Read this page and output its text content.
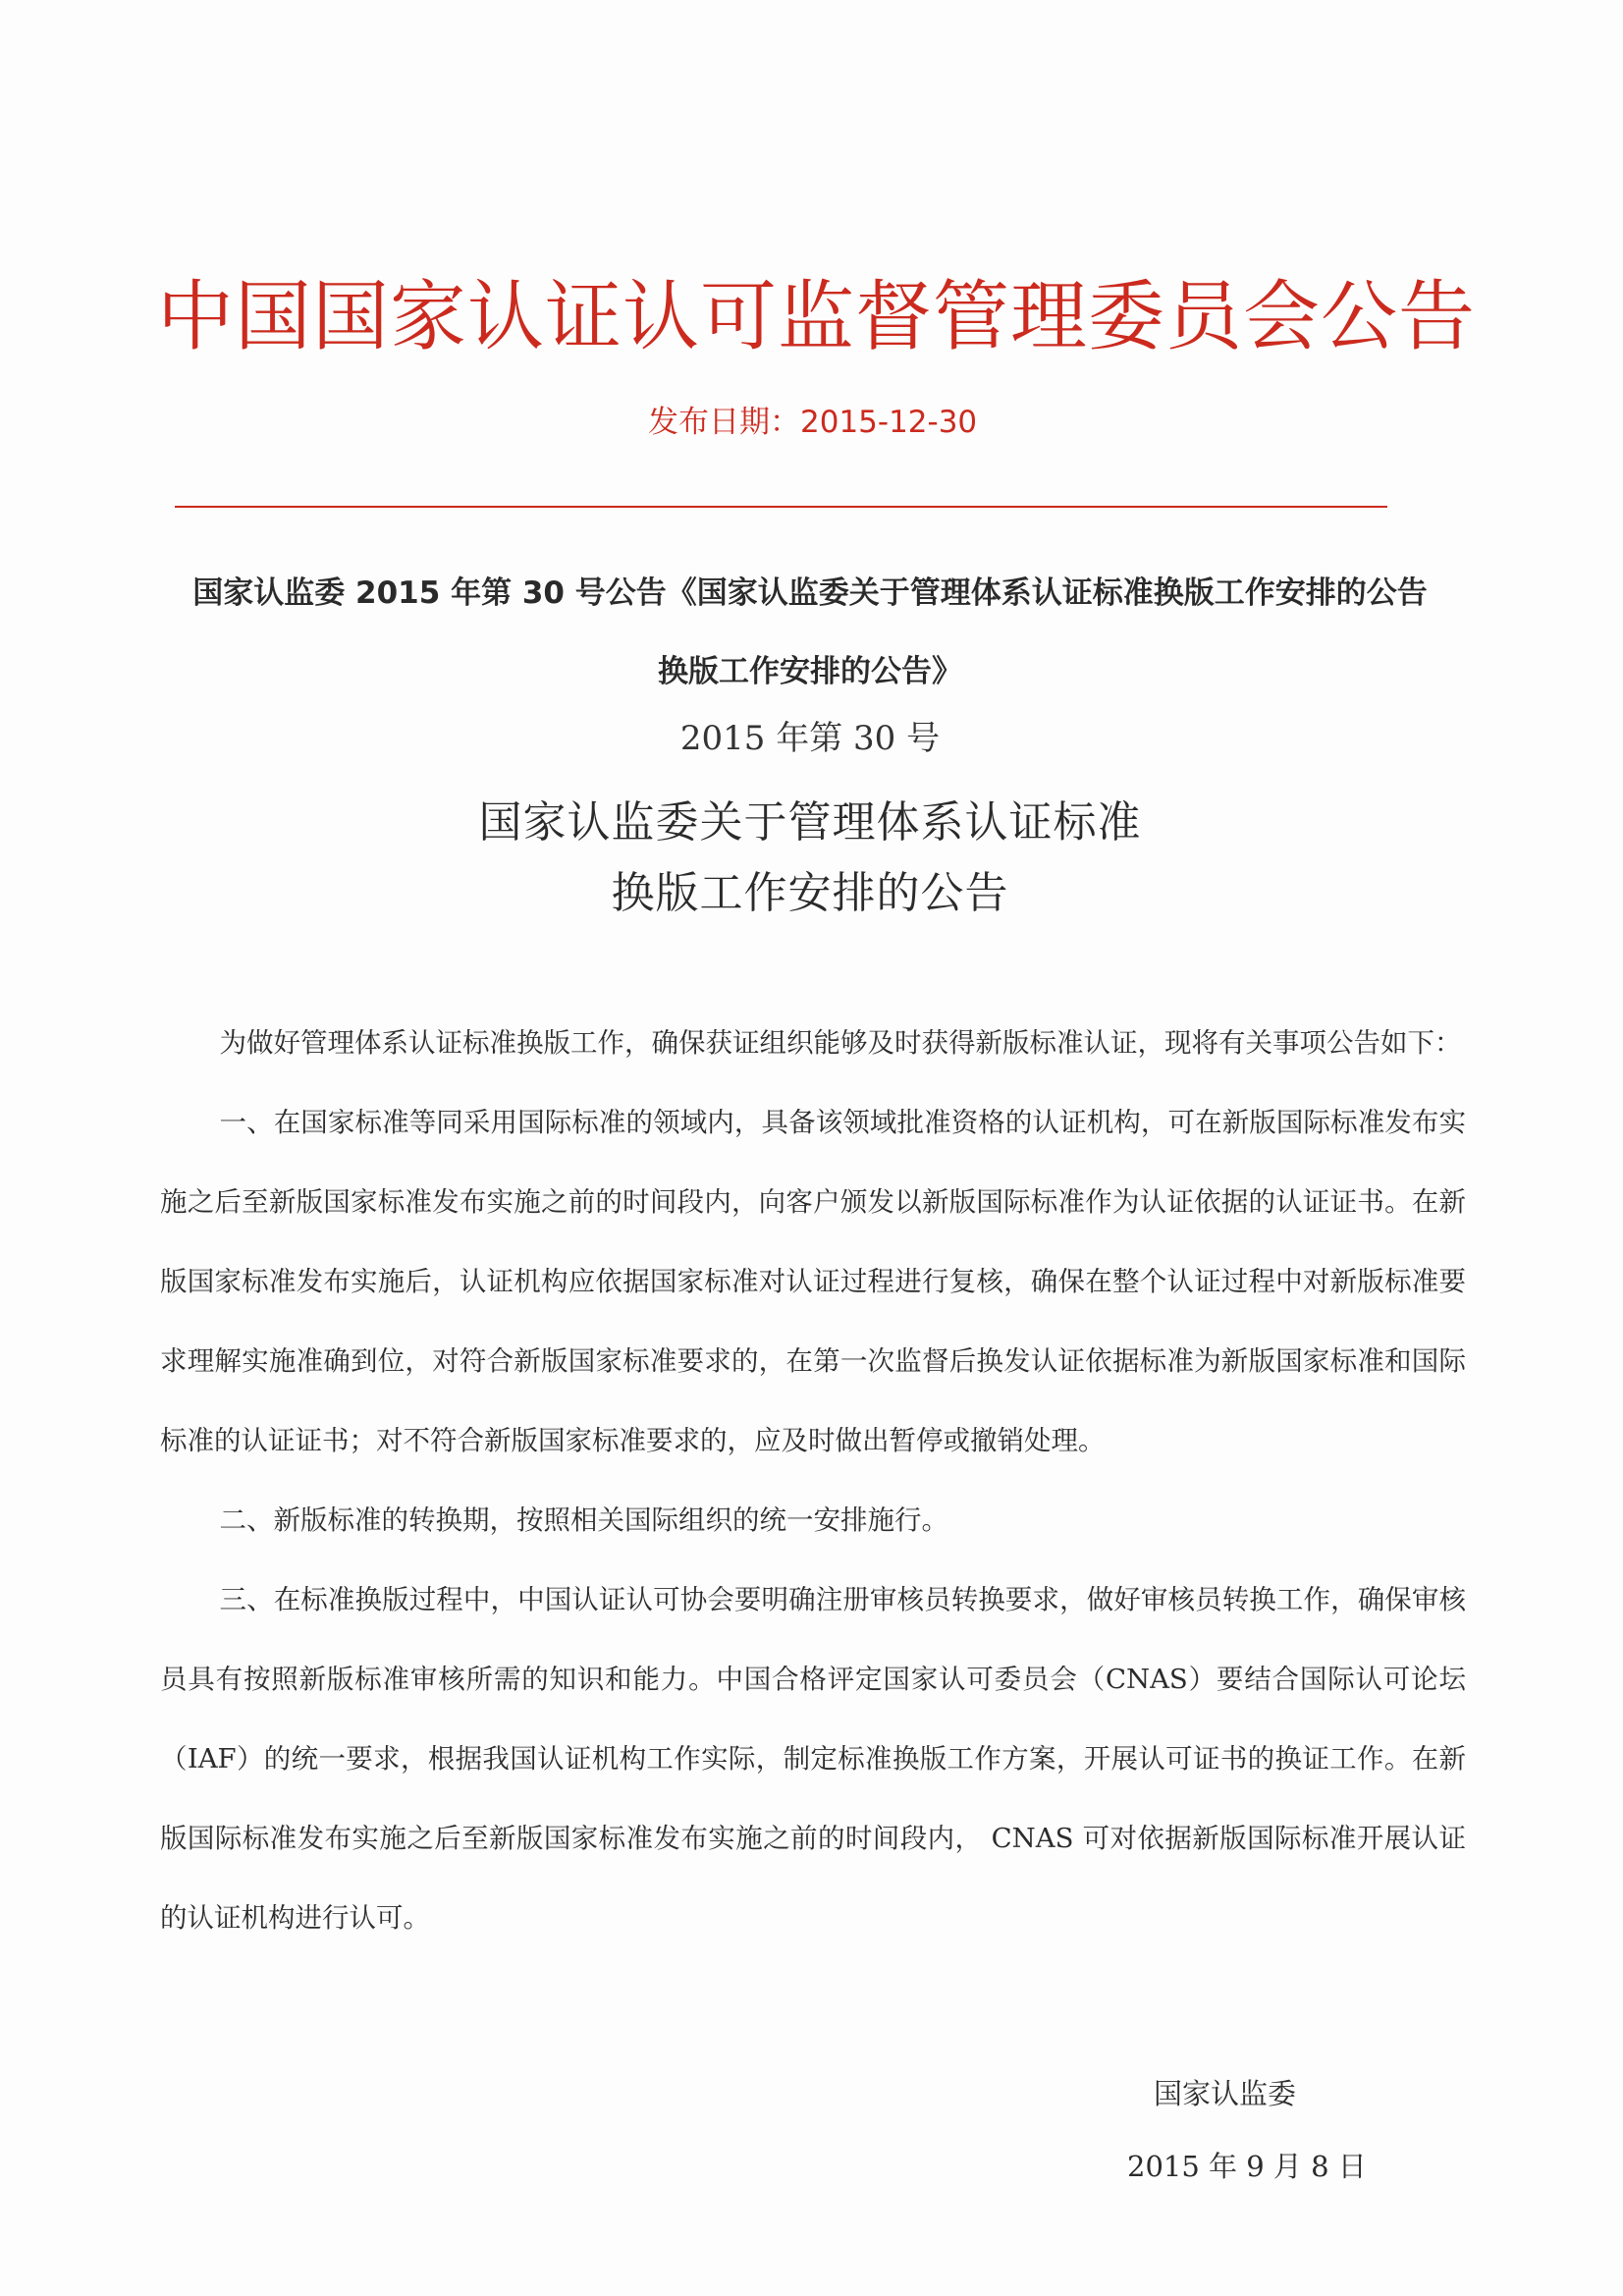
中国国家认证认可监督管理委员会公告
发布日期：2015-12-30
国家认监委 2015 年第 30 号公告《国家认监委关于管理体系认证标准换版工作安排的公告
换版工作安排的公告》
2015 年第 30 号
国家认监委关于管理体系认证标准
换版工作安排的公告

为做好管理体系认证标准换版工作，确保获证组织能够及时获得新版标准认证，现将有关事项公告如下：

一、在国家标准等同采用国际标准的领域内，具备该领域批准资格的认证机构，可在新版国际标准发布实施之后至新版国家标准发布实施之前的时间段内，向客户颁发以新版国际标准作为认证依据的认证证书。在新版国家标准发布实施后，认证机构应依据国家标准对认证过程进行复核，确保在整个认证过程中对新版标准要求理解实施准确到位，对符合新版国家标准要求的，在第一次监督后换发认证依据标准为新版国家标准和国际标准的认证证书；对不符合新版国家标准要求的，应及时做出暂停或撤销处理。

二、新版标准的转换期，按照相关国际组织的统一安排施行。

三、在标准换版过程中，中国认证认可协会要明确注册审核员转换要求，做好审核员转换工作，确保审核员具有按照新版标准审核所需的知识和能力。中国合格评定国家认可委员会（CNAS）要结合国际认可论坛（IAF）的统一要求，根据我国认证机构工作实际，制定标准换版工作方案，开展认可证书的换证工作。在新版国际标准发布实施之后至新版国家标准发布实施之前的时间段内， CNAS 可对依据新版国际标准开展认证的认证机构进行认可。

国家认监委
2015 年 9 月 8 日
